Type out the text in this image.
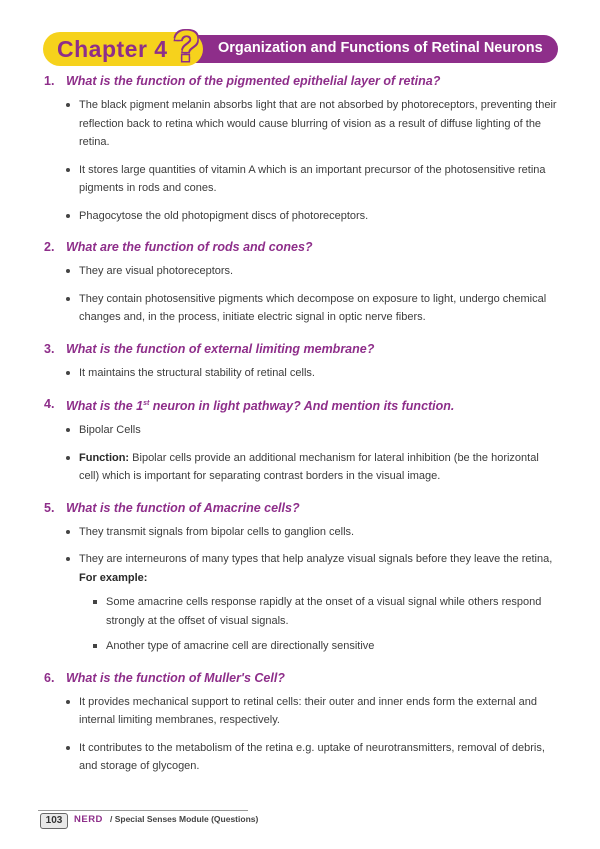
Organization and Functions of Retinal Neurons
Chapter 4 ?
1. What is the function of the pigmented epithelial layer of retina?
The black pigment melanin absorbs light that are not absorbed by photoreceptors, preventing their reflection back to retina which would cause blurring of vision as a result of diffuse lighting of the retina.
It stores large quantities of vitamin A which is an important precursor of the photosensitive retina pigments in rods and cones.
Phagocytose the old photopigment discs of photoreceptors.
2. What are the function of rods and cones?
They are visual photoreceptors.
They contain photosensitive pigments which decompose on exposure to light, undergo chemical changes and, in the process, initiate electric signal in optic nerve fibers.
3. What is the function of external limiting membrane?
It maintains the structural stability of retinal cells.
4. What is the 1st neuron in light pathway? And mention its function.
Bipolar Cells
Function: Bipolar cells provide an additional mechanism for lateral inhibition (be the horizontal cell) which is important for separating contrast borders in the visual image.
5. What is the function of Amacrine cells?
They transmit signals from bipolar cells to ganglion cells.
They are interneurons of many types that help analyze visual signals before they leave the retina, For example:
Some amacrine cells response rapidly at the onset of a visual signal while others respond strongly at the offset of visual signals.
Another type of amacrine cell are directionally sensitive
6. What is the function of Muller's Cell?
It provides mechanical support to retinal cells: their outer and inner ends form the external and internal limiting membranes, respectively.
It contributes to the metabolism of the retina e.g. uptake of neurotransmitters, removal of debris, and storage of glycogen.
103	NERD / Special Senses Module (Questions)
